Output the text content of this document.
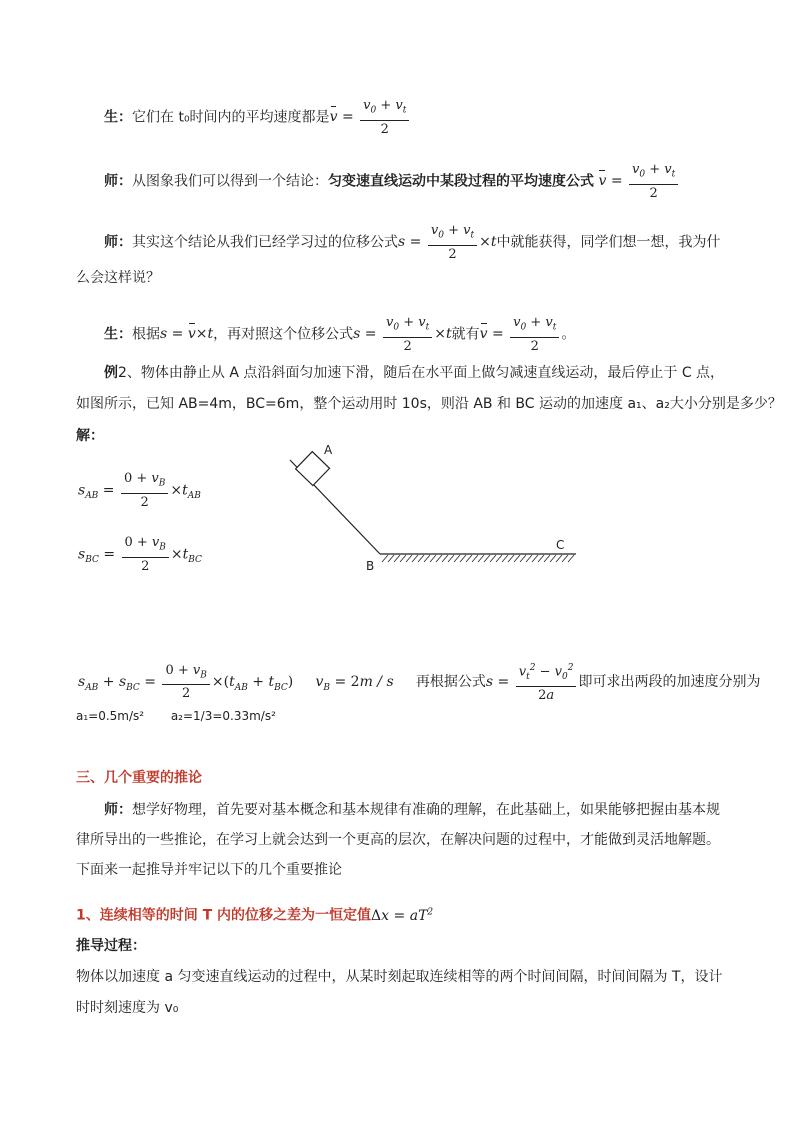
生：它们在 t₀时间内的平均速度都是$v = \frac{v_0 + v_t}{2}$
师：从图象我们可以得到一个结论：匀变速直线运动中某段过程的平均速度公式 $v = \frac{v_0 + v_t}{2}$
师：其实这个结论从我们已经学习过的位移公式$s = \frac{v_0 + v_t}{2} \times t$中就能获得，同学们想一想，我为什
么会这样说？
生：根据s = v×t，再对照这个位移公式$s = \frac{v_0 + v_t}{2} \times t$就有$v = \frac{v_0 + v_t}{2}$ 。
例2、物体由静止从 A 点沿斜面匀加速下滑，随后在水平面上做匀减速直线运动，最后停止于 C 点，
如图所示，已知 AB=4m，BC=6m，整个运动用时 10s，则沿 AB 和 BC 运动的加速度 a₁、a₂大小分别是多少？
解：
$s_{AB} = \frac{0 + v_B}{2} \times t_{AB}$
$s_{BC} = \frac{0 + v_B}{2} \times t_{BC}$
A
B
C
$s_{AB} + s_{BC} = \frac{0 + v_B}{2} \times(t_{AB} + t_{BC})$     $v_B = 2m / s$     再根据公式$s = \frac{v_t^2 - v_0^2}{2a}$ 即可求出两段的加速度分别为
a₁=0.5m/s² a₂=1/3=0.33m/s²
三、几个重要的推论
师：想学好物理，首先要对基本概念和基本规律有准确的理解，在此基础上，如果能够把握由基本规
律所导出的一些推论，在学习上就会达到一个更高的层次，在解决问题的过程中，才能做到灵活地解题。
下面来一起推导并牢记以下的几个重要推论
1、连续相等的时间 T 内的位移之差为一恒定值$\Delta x = aT^2$
推导过程：
物体以加速度 a 匀变速直线运动的过程中，从某时刻起取连续相等的两个时间间隔，时间间隔为 T，设计
时时刻速度为 v₀
